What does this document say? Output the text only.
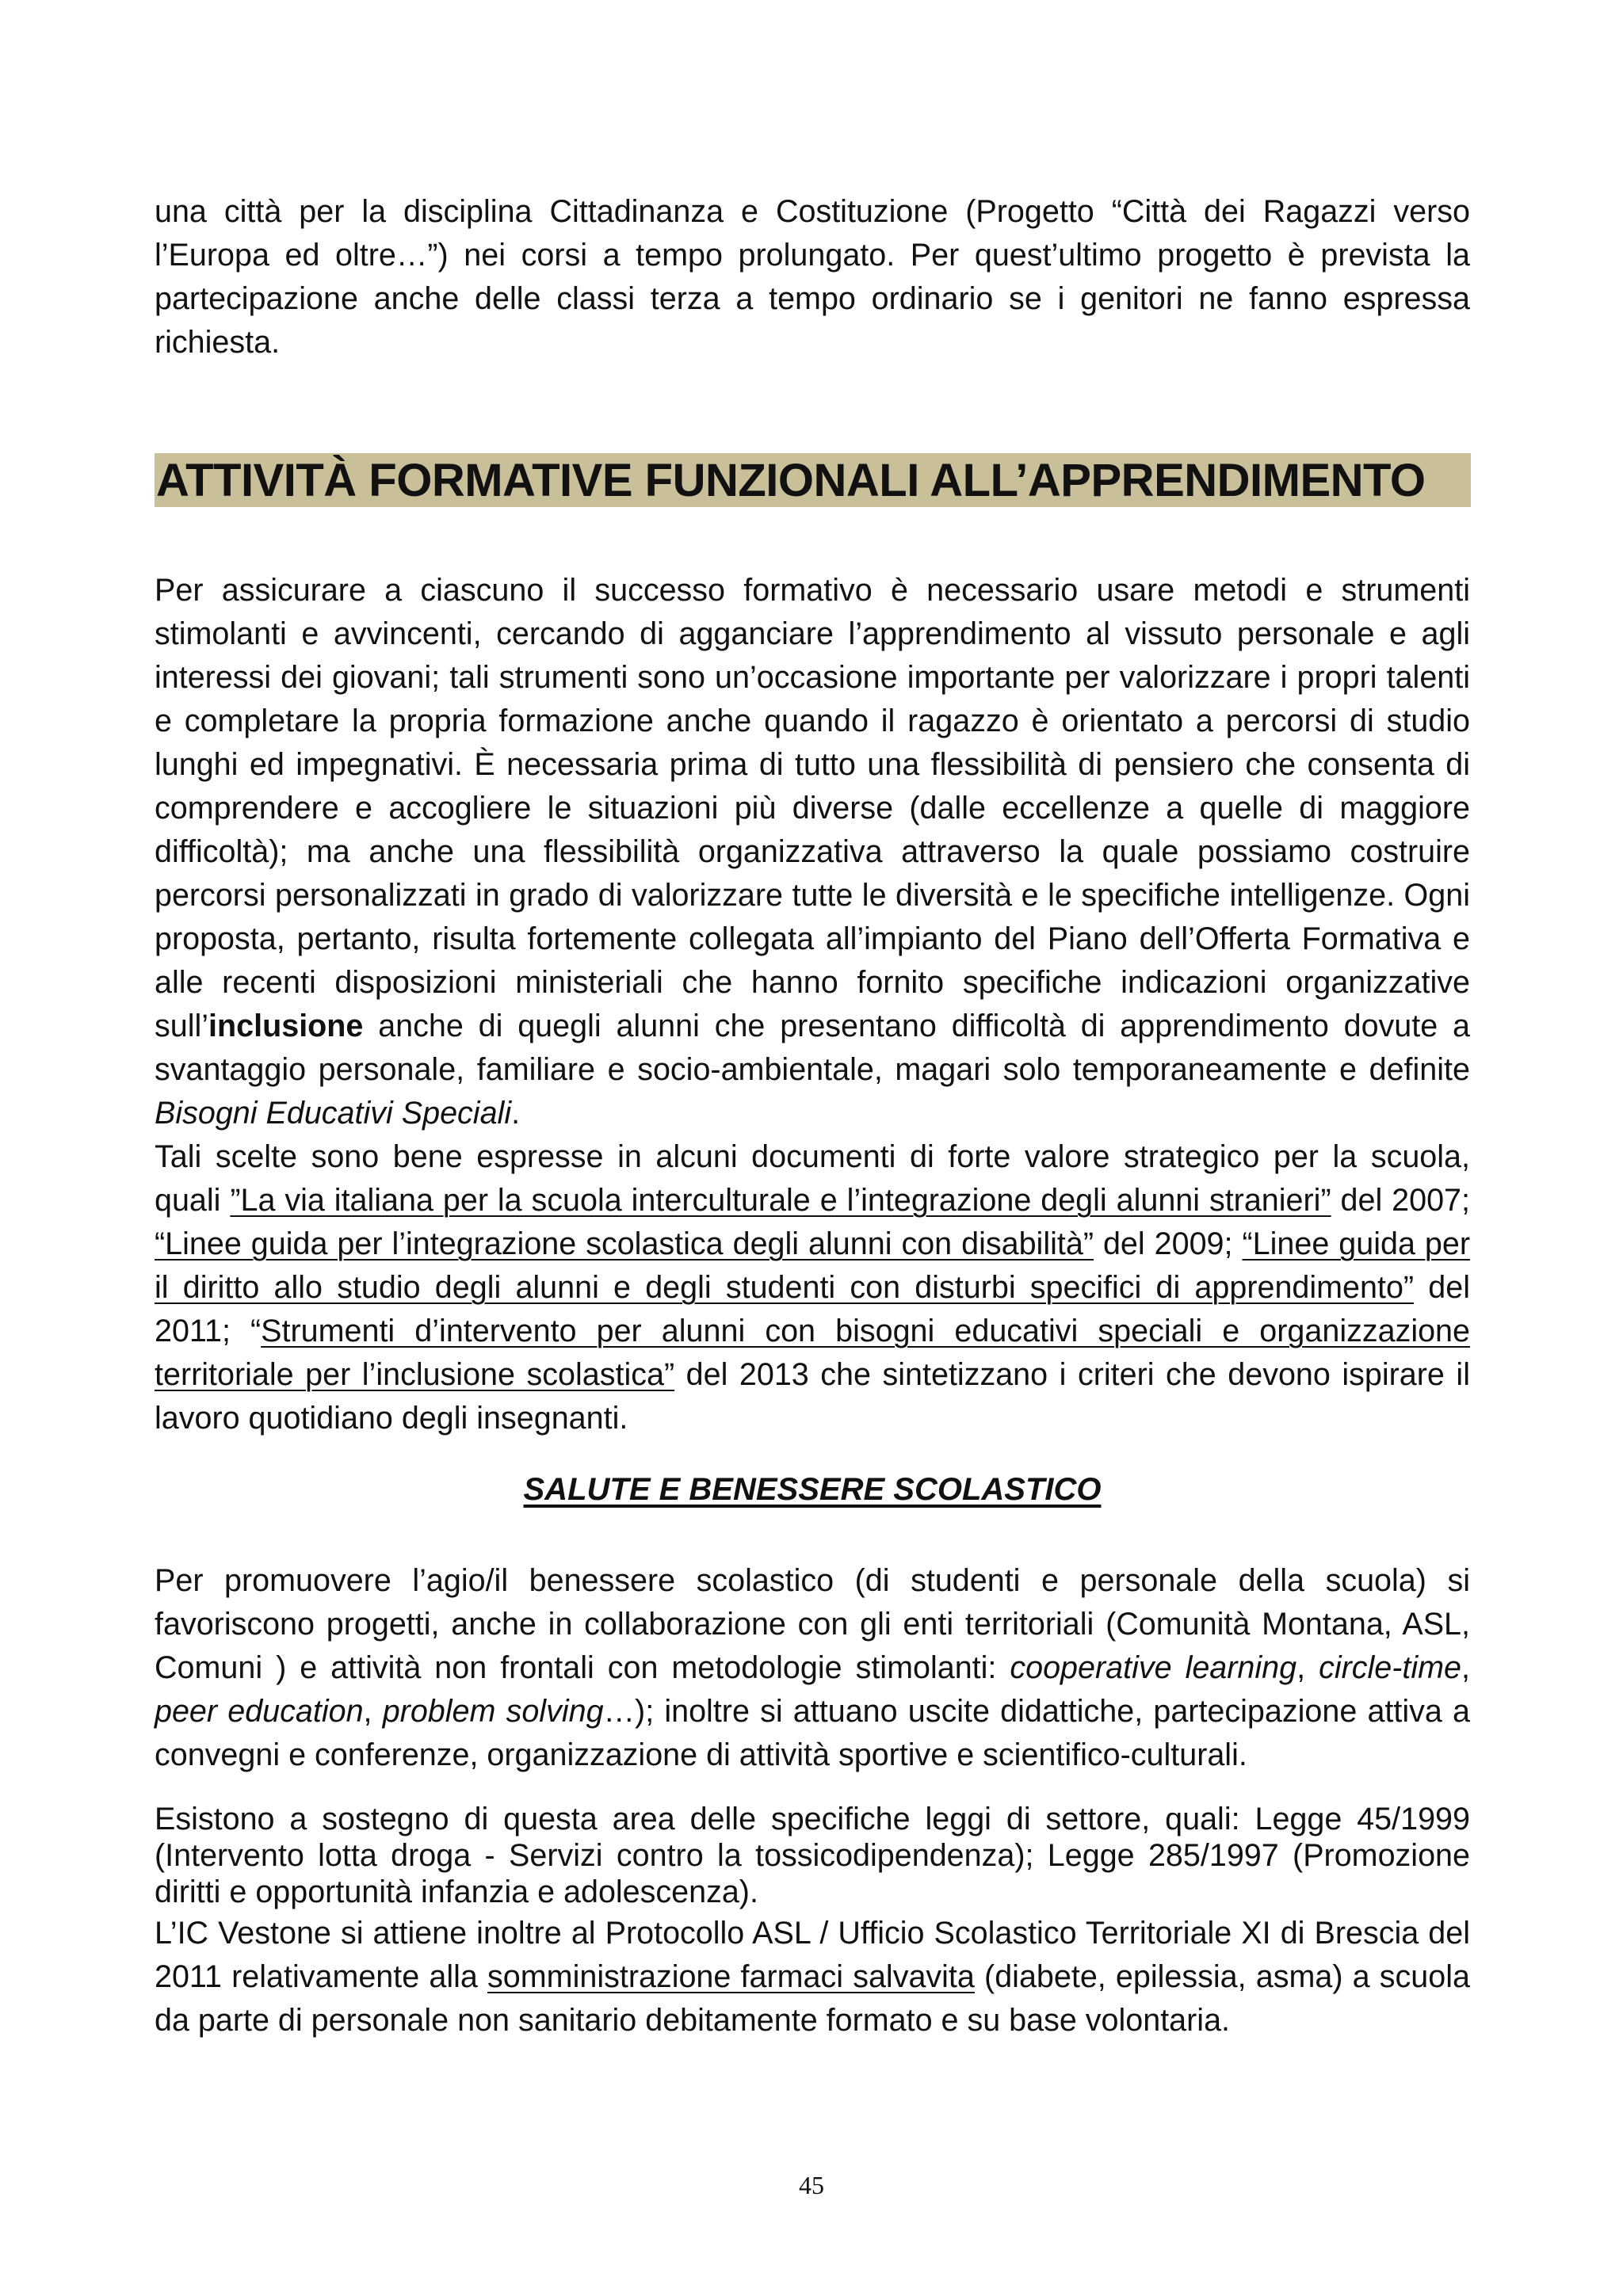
una città per la disciplina Cittadinanza e Costituzione (Progetto “Città dei Ragazzi verso l’Europa ed oltre…”) nei corsi a tempo prolungato. Per quest’ultimo progetto è prevista la partecipazione anche delle classi terza a tempo ordinario se i genitori ne fanno espressa richiesta.

ATTIVITÀ FORMATIVE FUNZIONALI ALL’APPRENDIMENTO

Per assicurare a ciascuno il successo formativo è necessario usare metodi e strumenti stimolanti e avvincenti, cercando di agganciare l’apprendimento al vissuto personale e agli interessi dei giovani; tali strumenti sono un’occasione importante per valorizzare i propri talenti e completare la propria formazione anche quando il ragazzo è orientato a percorsi di studio lunghi ed impegnativi. È necessaria prima di tutto una flessibilità di pensiero che consenta di comprendere e accogliere le situazioni più diverse (dalle eccellenze a quelle di maggiore difficoltà); ma anche una flessibilità organizzativa attraverso la quale possiamo costruire percorsi personalizzati in grado di valorizzare tutte le diversità e le specifiche intelligenze. Ogni proposta, pertanto, risulta fortemente collegata all’impianto del Piano dell’Offerta Formativa e alle recenti disposizioni ministeriali che hanno fornito specifiche indicazioni organizzative sull’inclusione anche di quegli alunni che presentano difficoltà di apprendimento dovute a svantaggio personale, familiare e socio-ambientale, magari solo temporaneamente e definite Bisogni Educativi Speciali.

Tali scelte sono bene espresse in alcuni documenti di forte valore strategico per la scuola, quali ”La via italiana per la scuola interculturale e l’integrazione degli alunni stranieri” del 2007; “Linee guida per l’integrazione scolastica degli alunni con disabilità” del 2009; “Linee guida per il diritto allo studio degli alunni e degli studenti con disturbi specifici di apprendimento” del 2011; “Strumenti d’intervento per alunni con bisogni educativi speciali e organizzazione territoriale per l’inclusione scolastica” del 2013 che sintetizzano i criteri che devono ispirare il lavoro quotidiano degli insegnanti.

SALUTE E BENESSERE SCOLASTICO

Per promuovere l’agio/il benessere scolastico (di studenti e personale della scuola) si favoriscono progetti, anche in collaborazione con gli enti territoriali (Comunità Montana, ASL, Comuni ) e attività non frontali con metodologie stimolanti: cooperative learning, circle-time, peer education, problem solving…); inoltre si attuano uscite didattiche, partecipazione attiva a convegni e conferenze, organizzazione di attività sportive e scientifico-culturali.

Esistono a sostegno di questa area delle specifiche leggi di settore, quali: Legge 45/1999 (Intervento lotta droga - Servizi contro la tossicodipendenza); Legge 285/1997 (Promozione diritti e opportunità infanzia e adolescenza).

L’IC Vestone si attiene inoltre al Protocollo ASL / Ufficio Scolastico Territoriale XI di Brescia del 2011 relativamente alla somministrazione farmaci salvavita (diabete, epilessia, asma) a scuola da parte di personale non sanitario debitamente formato e su base volontaria.

45
